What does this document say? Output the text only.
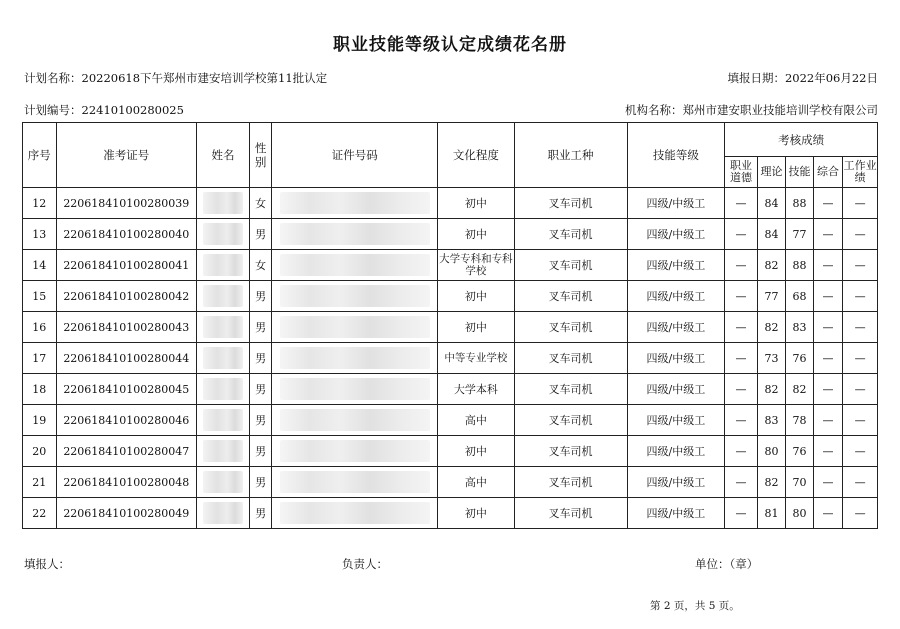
职业技能等级认定成绩花名册
计划名称：20220618下午郑州市建安培训学校第11批认定	填报日期：2022年06月22日
计划编号：22410100280025	机构名称：郑州市建安职业技能培训学校有限公司
序号	准考证号	姓名	性别	证件号码	文化程度	职业工种	技能等级	考核成绩				
								职业道德	理论	技能	综合	工作业绩
12	220618410100280039		女		初中	叉车司机	四级/中级工	—	84	88	—	—
13	220618410100280040		男		初中	叉车司机	四级/中级工	—	84	77	—	—
14	220618410100280041		女		大学专科和专科学校	叉车司机	四级/中级工	—	82	88	—	—
15	220618410100280042		男		初中	叉车司机	四级/中级工	—	77	68	—	—
16	220618410100280043		男		初中	叉车司机	四级/中级工	—	82	83	—	—
17	220618410100280044		男		中等专业学校	叉车司机	四级/中级工	—	73	76	—	—
18	220618410100280045		男		大学本科	叉车司机	四级/中级工	—	82	82	—	—
19	220618410100280046		男		高中	叉车司机	四级/中级工	—	83	78	—	—
20	220618410100280047		男		初中	叉车司机	四级/中级工	—	80	76	—	—
21	220618410100280048		男		高中	叉车司机	四级/中级工	—	82	70	—	—
22	220618410100280049		男		初中	叉车司机	四级/中级工	—	81	80	—	—
填报人：	负责人：	单位：（章）
第 2 页，共 5 页。
